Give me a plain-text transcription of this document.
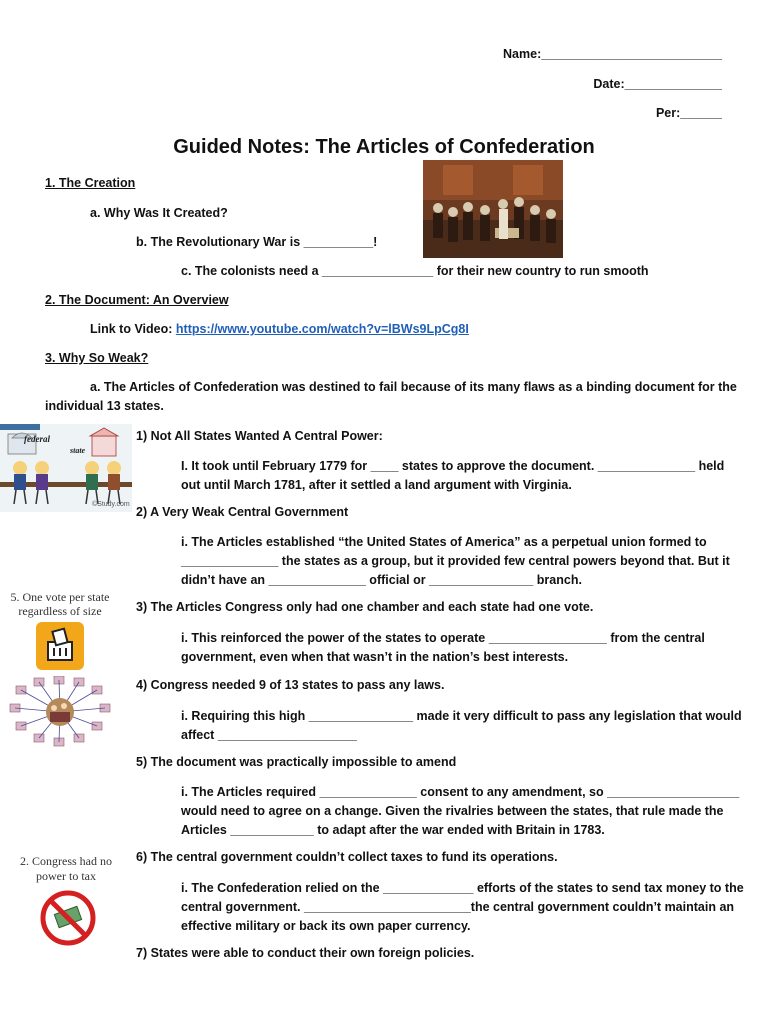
Name:__________________________
Date:______________
Per:______
Guided Notes: The Articles of Confederation
1. The Creation
a. Why Was It Created?
b. The Revolutionary War is __________!
c. The colonists need a ________________ for their new country to run smooth
2. The Document: An Overview
Link to Video: https://www.youtube.com/watch?v=lBWs9LpCg8I
3. Why So Weak?
a. The Articles of Confederation was destined to fail because of its many flaws as a binding document for the
individual 13 states.
federal
state
©Study.com
5. One vote per state
regardless of size
2. Congress had no
power to tax
1) Not All States Wanted A Central Power:
I. It took until February 1779 for ____ states to approve the document. ______________ held
out until March 1781, after it settled a land argument with Virginia.
2) A Very Weak Central Government
i. The Articles established “the United States of America” as a perpetual union formed to
______________ the states as a group, but it provided few central powers beyond that. But it
didn’t have an ______________ official or _______________ branch.
3) The Articles Congress only had one chamber and each state had one vote.
i. This reinforced the power of the states to operate _________________ from the central
government, even when that wasn’t in the nation’s best interests.
4) Congress needed 9 of 13 states to pass any laws.
i. Requiring this high _______________ made it very difficult to pass any legislation that would
affect ____________________
5) The document was practically impossible to amend
i. The Articles required ______________ consent to any amendment, so ___________________
would need to agree on a change. Given the rivalries between the states, that rule made the
Articles ____________ to adapt after the war ended with Britain in 1783.
6) The central government couldn’t collect taxes to fund its operations.
i. The Confederation relied on the _____________ efforts of the states to send tax money to the
central government. ________________________the central government couldn’t maintain an
effective military or back its own paper currency.
7) States were able to conduct their own foreign policies.
